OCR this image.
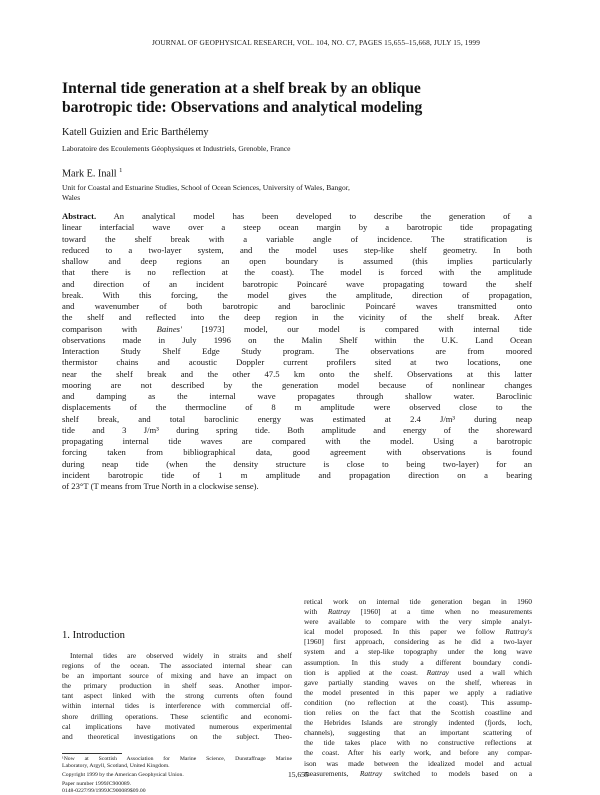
JOURNAL OF GEOPHYSICAL RESEARCH, VOL. 104, NO. C7, PAGES 15,655–15,668, JULY 15, 1999
Internal tide generation at a shelf break by an oblique
barotropic tide: Observations and analytical modeling
Katell Guizien and Eric Barthélemy
Laboratoire des Ecoulements Géophysiques et Industriels, Grenoble, France
Mark E. Inall $^1$
Unit for Coastal and Estuarine Studies, School of Ocean Sciences, University of Wales, Bangor,
Wales
Abstract. An analytical model has been developed to describe the generation of a
linear interfacial wave over a steep ocean margin by a barotropic tide propagating
toward the shelf break with a variable angle of incidence. The stratification is
reduced to a two-layer system, and the model uses step-like shelf geometry. In both
shallow and deep regions an open boundary is assumed (this implies particularly
that there is no reflection at the coast). The model is forced with the amplitude
and direction of an incident barotropic Poincaré wave propagating toward the shelf
break. With this forcing, the model gives the amplitude, direction of propagation,
and wavenumber of both barotropic and baroclinic Poincaré waves transmitted onto
the shelf and reflected into the deep region in the vicinity of the shelf break. After
comparison with Baines' [1973] model, our model is compared with internal tide
observations made in July 1996 on the Malin Shelf within the U.K. Land Ocean
Interaction Study Shelf Edge Study program. The observations are from moored
thermistor chains and acoustic Doppler current profilers sited at two locations, one
near the shelf break and the other 47.5 km onto the shelf. Observations at this latter
mooring are not described by the generation model because of nonlinear changes
and damping as the internal wave propagates through shallow water. Baroclinic
displacements of the thermocline of 8 m amplitude were observed close to the
shelf break, and total baroclinic energy was estimated at 2.4 J/m³ during neap
tide and 3 J/m³ during spring tide. Both amplitude and energy of the shoreward
propagating internal tide waves are compared with the model. Using a barotropic
forcing taken from bibliographical data, good agreement with observations is found
during neap tide (when the density structure is close to being two-layer) for an
incident barotropic tide of 1 m amplitude and propagation direction on a bearing
of 23°T (T means from True North in a clockwise sense).
1. Introduction
Internal tides are observed widely in straits and shelf
regions of the ocean. The associated internal shear can
be an important source of mixing and have an impact on
the primary production in shelf seas. Another impor-
tant aspect linked with the strong currents often found
within internal tides is interference with commercial off-
shore drilling operations. These scientific and economi-
cal implications have motivated numerous experimental
and theoretical investigations on the subject. Theo-
retical work on internal tide generation began in 1960
with Rattray [1960] at a time when no measurements
were available to compare with the very simple analyt-
ical model proposed. In this paper we follow Rattray's
[1960] first approach, considering as he did a two-layer
system and a step-like topography under the long wave
assumption. In this study a different boundary condi-
tion is applied at the coast. Rattray used a wall which
gave partially standing waves on the shelf, whereas in
the model presented in this paper we apply a radiative
condition (no reflection at the coast). This assump-
tion relies on the fact that the Scottish coastline and
the Hebrides Islands are strongly indented (fjords, loch,
channels), suggesting that an important scattering of
the tide takes place with no constructive reflections at
the coast. After his early work, and before any compar-
ison was made between the idealized model and actual
measurements, Rattray switched to models based on a
¹Now at Scottish Association for Marine Science, Dunstaffnage Marine
Laboratory, Argyll, Scotland, United Kingdom.
Copyright 1999 by the American Geophysical Union.
Paper number 1999JC900089.
0148-0227/99/1999JC900089$09.00
15,655
